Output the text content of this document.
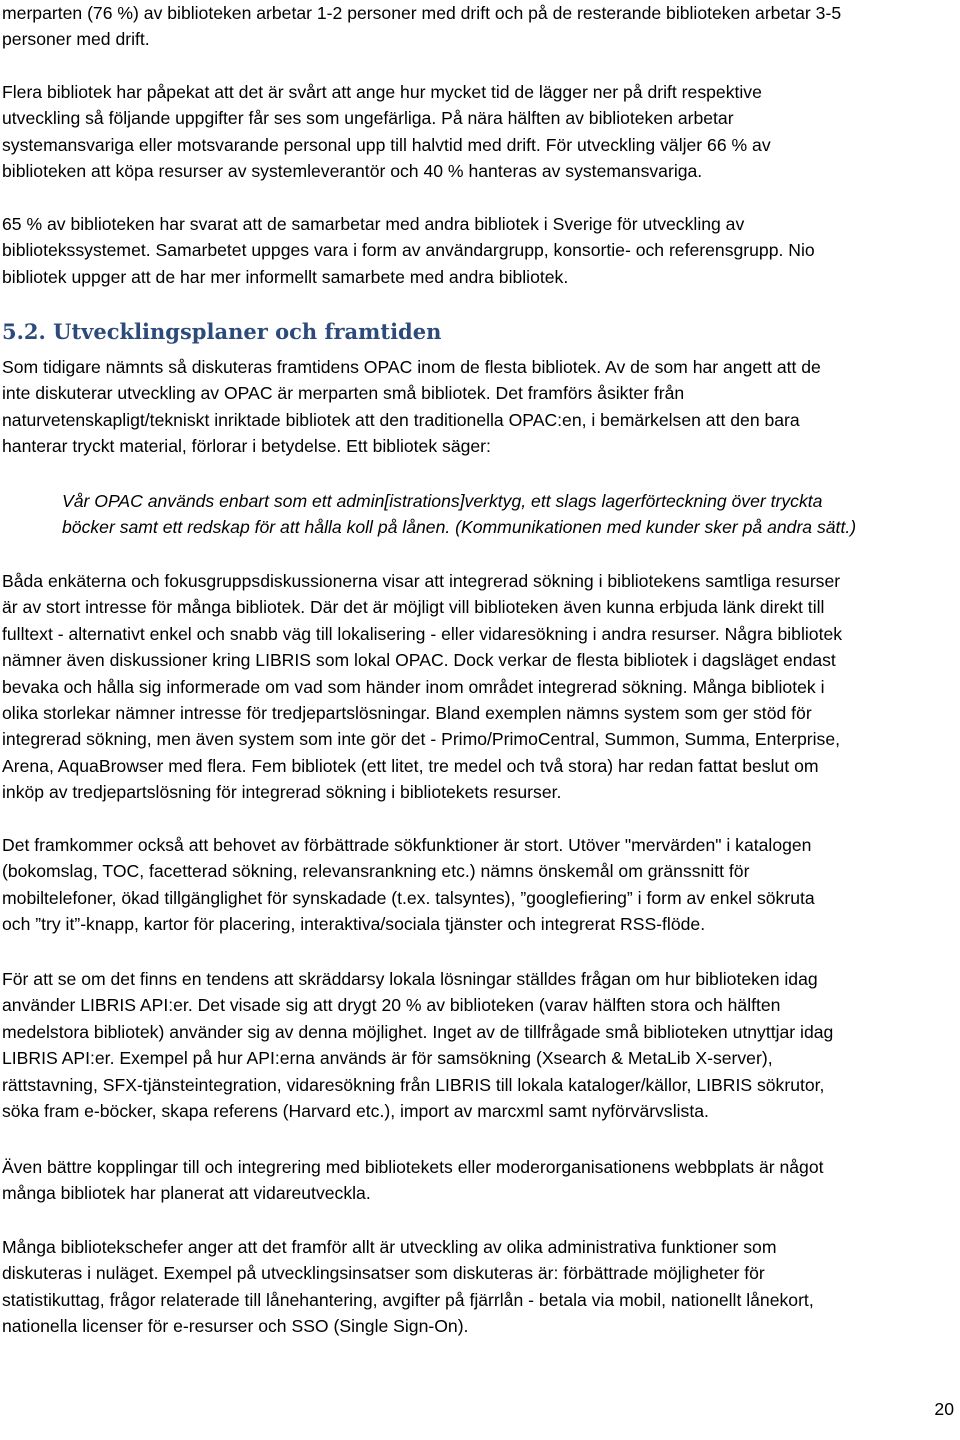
merparten (76 %) av biblioteken arbetar 1-2 personer med drift och på de resterande biblioteken arbetar 3-5
personer med drift.

Flera bibliotek har påpekat att det är svårt att ange hur mycket tid de lägger ner på drift respektive
utveckling så följande uppgifter får ses som ungefärliga. På nära hälften av biblioteken arbetar
systemansvariga eller motsvarande personal upp till halvtid med drift. För utveckling väljer 66 % av
biblioteken att köpa resurser av systemleverantör och 40 % hanteras av systemansvariga.

65 % av biblioteken har svarat att de samarbetar med andra bibliotek i Sverige för utveckling av
bibliotekssystemet. Samarbetet uppges vara i form av användargrupp, konsortie- och referensgrupp. Nio
bibliotek uppger att de har mer informellt samarbete med andra bibliotek.

5.2. Utvecklingsplaner och framtiden

Som tidigare nämnts så diskuteras framtidens OPAC inom de flesta bibliotek. Av de som har angett att de
inte diskuterar utveckling av OPAC är merparten små bibliotek. Det framförs åsikter från
naturvetenskapligt/tekniskt inriktade bibliotek att den traditionella OPAC:en, i bemärkelsen att den bara
hanterar tryckt material, förlorar i betydelse. Ett bibliotek säger:

Vår OPAC används enbart som ett admin[istrations]verktyg, ett slags lagerförteckning över tryckta
böcker samt ett redskap för att hålla koll på lånen. (Kommunikationen med kunder sker på andra sätt.)

Båda enkäterna och fokusgruppsdiskussionerna visar att integrerad sökning i bibliotekens samtliga resurser
är av stort intresse för många bibliotek. Där det är möjligt vill biblioteken även kunna erbjuda länk direkt till
fulltext - alternativt enkel och snabb väg till lokalisering - eller vidaresökning i andra resurser. Några bibliotek
nämner även diskussioner kring LIBRIS som lokal OPAC. Dock verkar de flesta bibliotek i dagsläget endast
bevaka och hålla sig informerade om vad som händer inom området integrerad sökning. Många bibliotek i
olika storlekar nämner intresse för tredjepartslösningar. Bland exemplen nämns system som ger stöd för
integrerad sökning, men även system som inte gör det - Primo/PrimoCentral, Summon, Summa, Enterprise,
Arena, AquaBrowser med flera. Fem bibliotek (ett litet, tre medel och två stora) har redan fattat beslut om
inköp av tredjepartslösning för integrerad sökning i bibliotekets resurser.

Det framkommer också att behovet av förbättrade sökfunktioner är stort. Utöver "mervärden" i katalogen
(bokomslag, TOC, facetterad sökning, relevansrankning etc.) nämns önskemål om gränssnitt för
mobiltelefoner, ökad tillgänglighet för synskadade (t.ex. talsyntes), ”googlefiering” i form av enkel sökruta
och ”try it”-knapp, kartor för placering, interaktiva/sociala tjänster och integrerat RSS-flöde.

För att se om det finns en tendens att skräddarsy lokala lösningar ställdes frågan om hur biblioteken idag
använder LIBRIS API:er. Det visade sig att drygt 20 % av biblioteken (varav hälften stora och hälften
medelstora bibliotek) använder sig av denna möjlighet. Inget av de tillfrågade små biblioteken utnyttjar idag
LIBRIS API:er. Exempel på hur API:erna används är för samsökning (Xsearch & MetaLib X-server),
rättstavning, SFX-tjänsteintegration, vidaresökning från LIBRIS till lokala kataloger/källor, LIBRIS sökrutor,
söka fram e-böcker, skapa referens (Harvard etc.), import av marcxml samt nyförvärvslista.

Även bättre kopplingar till och integrering med bibliotekets eller moderorganisationens webbplats är något
många bibliotek har planerat att vidareutveckla.

Många bibliotekschefer anger att det framför allt är utveckling av olika administrativa funktioner som
diskuteras i nuläget. Exempel på utvecklingsinsatser som diskuteras är: förbättrade möjligheter för
statistikuttag, frågor relaterade till lånehantering, avgifter på fjärrlån - betala via mobil, nationellt lånekort,
nationella licenser för e-resurser och SSO (Single Sign-On).

20
